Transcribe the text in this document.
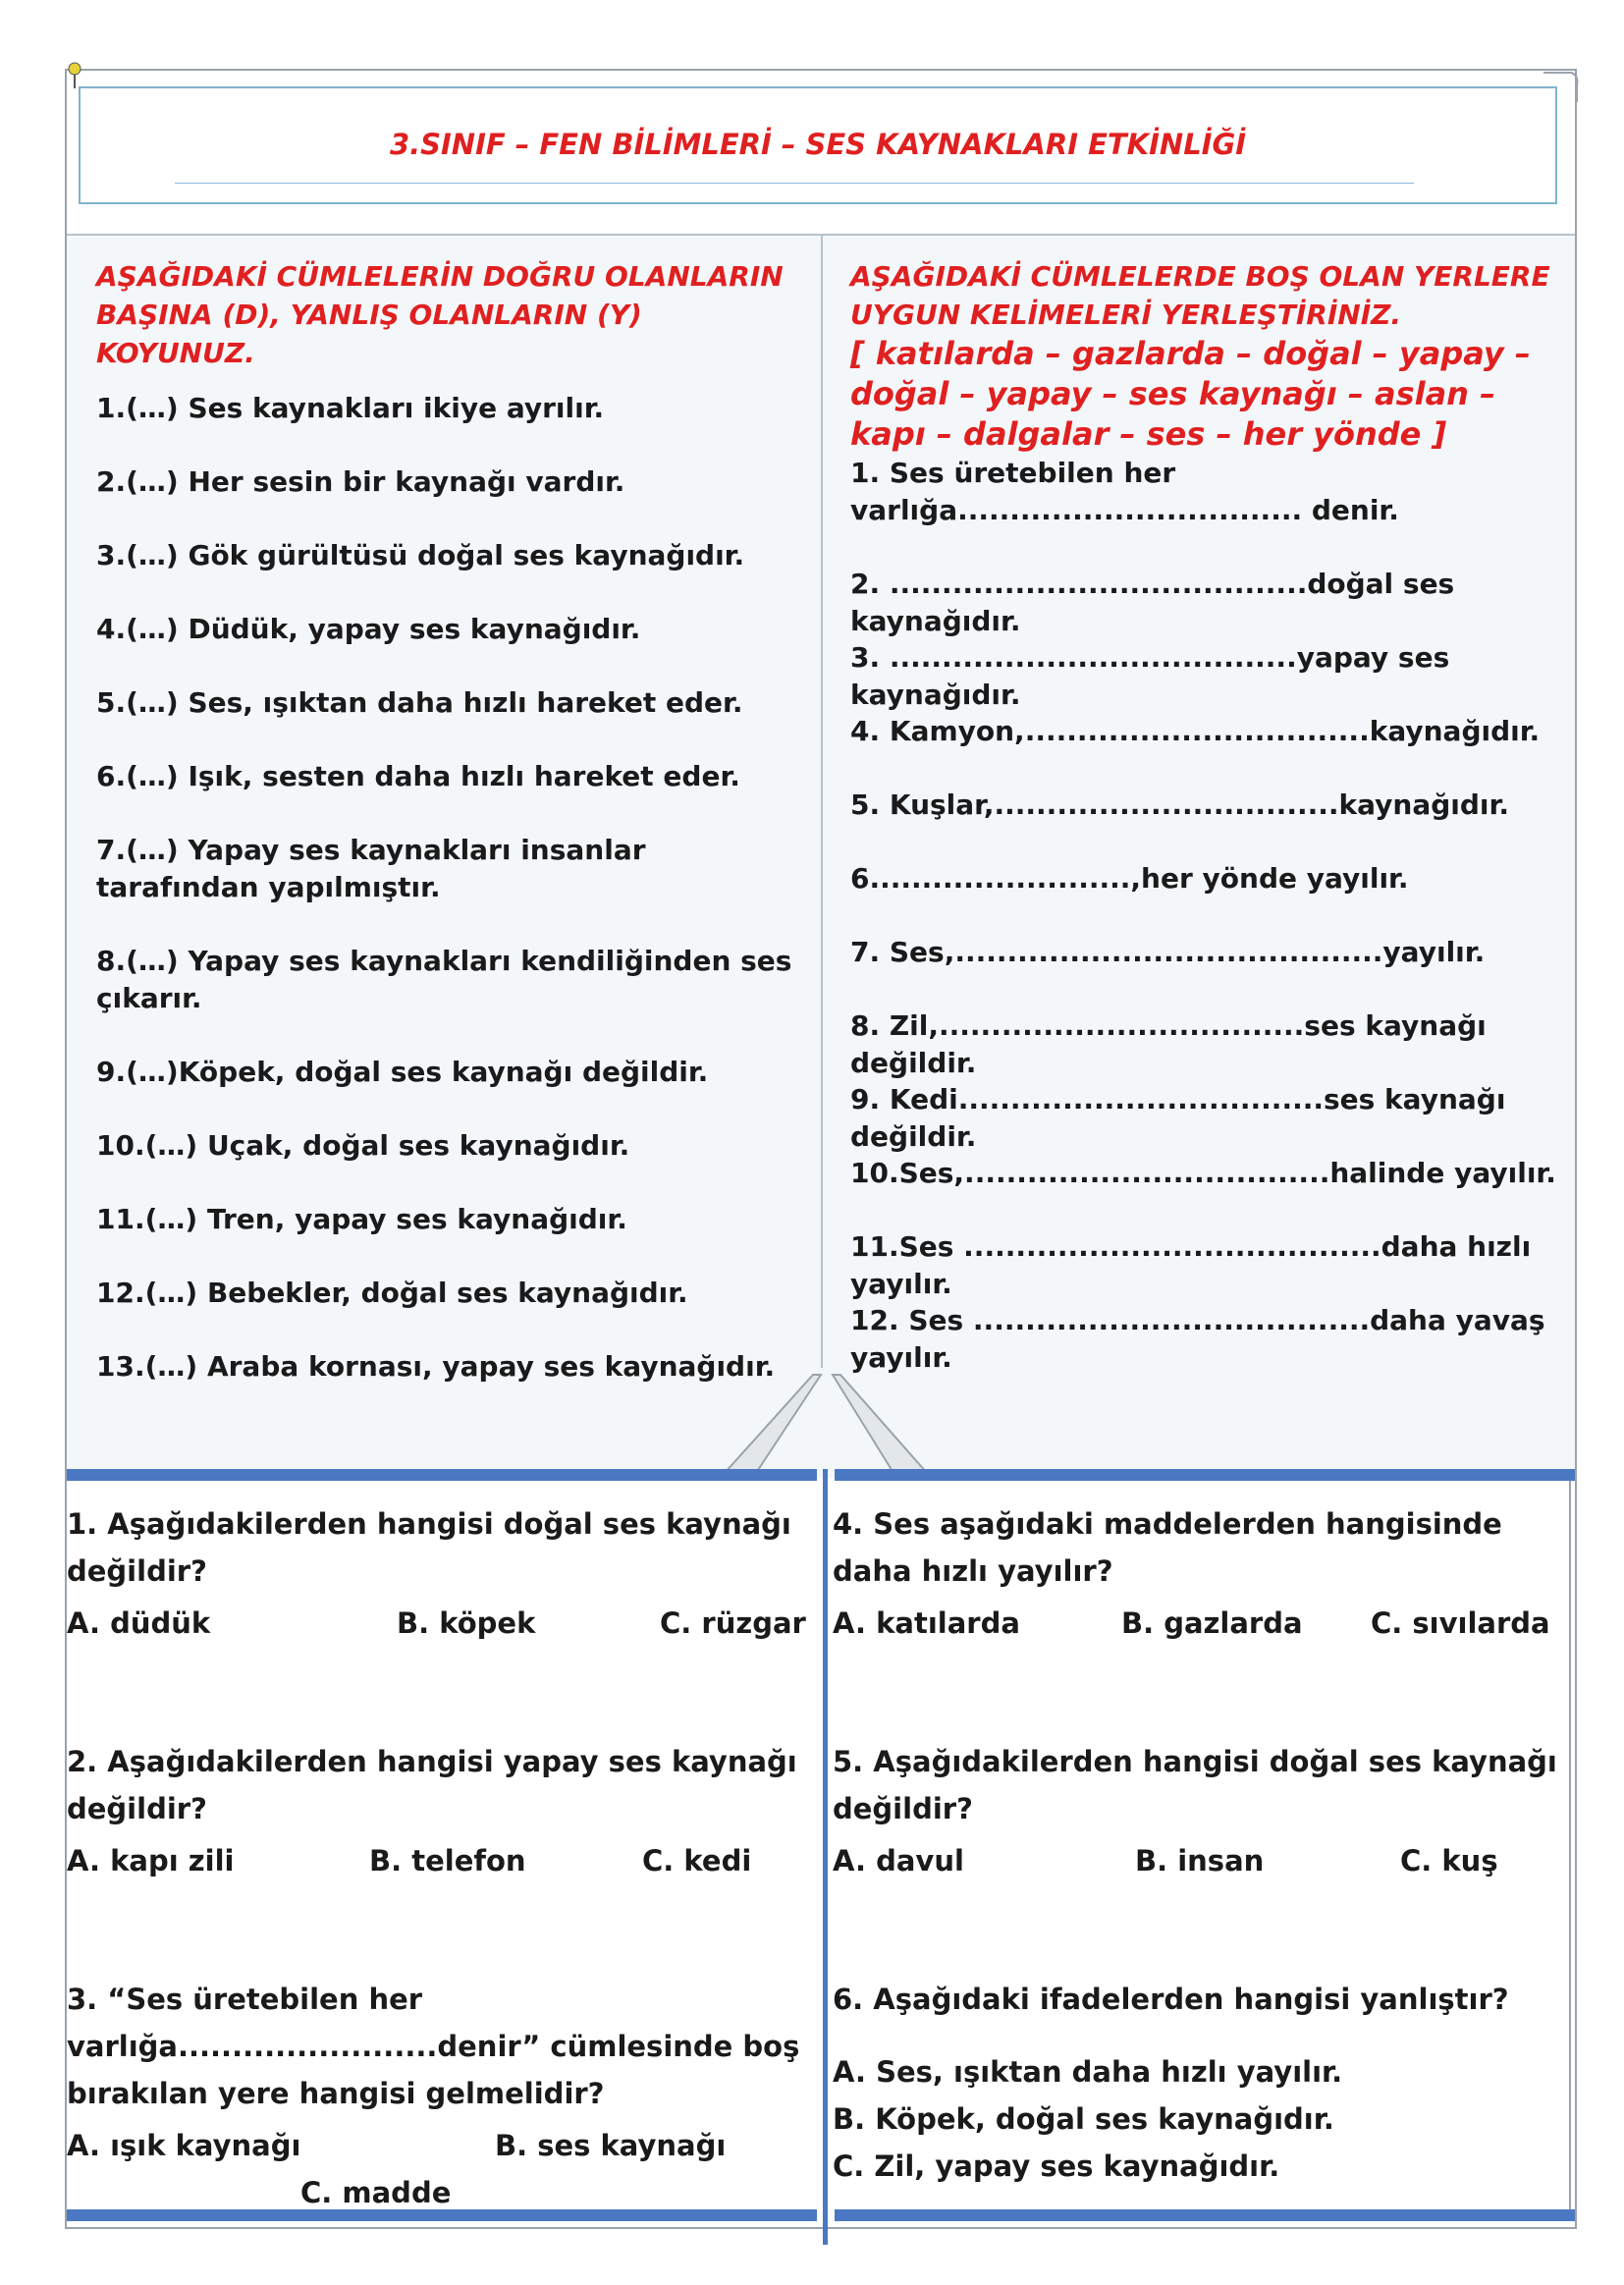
3.SINIF – FEN BİLİMLERİ – SES KAYNAKLARI ETKİNLİĞİ

AŞAĞIDAKİ CÜMLELERİN DOĞRU OLANLARIN BAŞINA (D), YANLIŞ OLANLARIN (Y) KOYUNUZ.

1.(…) Ses kaynakları ikiye ayrılır.

2.(…) Her sesin bir kaynağı vardır.

3.(…) Gök gürültüsü doğal ses kaynağıdır.

4.(…) Düdük, yapay ses kaynağıdır.

5.(…) Ses, ışıktan daha hızlı hareket eder.

6.(…) Işık, sesten daha hızlı hareket eder.

7.(…) Yapay ses kaynakları insanlar tarafından yapılmıştır.

8.(…) Yapay ses kaynakları kendiliğinden ses çıkarır.

9.(…)Köpek, doğal ses kaynağı değildir.

10.(…) Uçak, doğal ses kaynağıdır.

11.(…) Tren, yapay ses kaynağıdır.

12.(…) Bebekler, doğal ses kaynağıdır.

13.(…) Araba kornası, yapay ses kaynağıdır.

AŞAĞIDAKİ CÜMLELERDE BOŞ OLAN YERLERE UYGUN KELİMELERİ YERLEŞTİRİNİZ.

[ katılarda – gazlarda – doğal – yapay – doğal – yapay – ses kaynağı – aslan – kapı – dalgalar – ses – her yönde ]

1. Ses üretebilen her varlığa................................. denir.

2. ........................................doğal ses kaynağıdır.

3. .......................................yapay ses kaynağıdır.

4. Kamyon,.................................kaynağıdır.

5. Kuşlar,.................................kaynağıdır.

6.........................,her yönde yayılır.

7. Ses,.........................................yayılır.

8. Zil,...................................ses kaynağı değildir.

9. Kedi...................................ses kaynağı değildir.

10.Ses,...................................halinde yayılır.

11.Ses ........................................daha hızlı yayılır.

12. Ses ......................................daha yavaş yayılır.

1. Aşağıdakilerden hangisi doğal ses kaynağı değildir?

A. düdük	B. köpek	C. rüzgar

2. Aşağıdakilerden hangisi yapay ses kaynağı değildir?

A. kapı zili	B. telefon	C. kedi

3. “Ses üretebilen her varlığa........................denir” cümlesinde boş bırakılan yere hangisi gelmelidir?

A. ışık kaynağı	B. ses kaynağı
C. madde

4. Ses aşağıdaki maddelerden hangisinde daha hızlı yayılır?

A. katılarda	B. gazlarda C. sıvılarda

5. Aşağıdakilerden hangisi doğal ses kaynağı değildir?

A. davul	B. insan	C. kuş

6. Aşağıdaki ifadelerden hangisi yanlıştır?

A. Ses, ışıktan daha hızlı yayılır.

B. Köpek, doğal ses kaynağıdır.

C. Zil, yapay ses kaynağıdır.
